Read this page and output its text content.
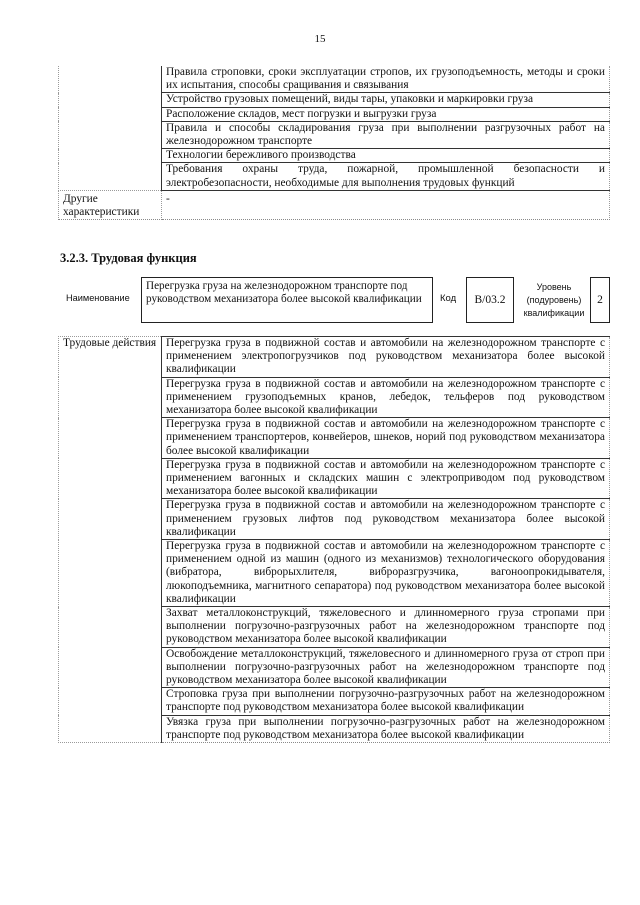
15
	Правила строповки, сроки эксплуатации стропов, их грузоподъемность, методы и сроки их испытания, способы сращивания и связывания
	Устройство грузовых помещений, виды тары, упаковки и маркировки груза
	Расположение складов, мест погрузки и выгрузки груза
	Правила и способы складирования груза при выполнении разгрузочных работ на железнодорожном транспорте
	Технологии бережливого производства
	Требования охраны труда, пожарной, промышленной безопасности и электробезопасности, необходимые для выполнения трудовых функций
Другие характеристики	-
3.2.3. Трудовая функция
Наименование
Перегрузка груза на железнодорожном транспорте под руководством механизатора более высокой квалификации	Код	B/03.2
Уровень (подуровень) квалификации
2
Трудовые действия	Перегрузка груза в подвижной состав и автомобили на железнодорожном транспорте с применением электропогрузчиков под руководством механизатора более высокой квалификации
Перегрузка груза в подвижной состав и автомобили на железнодорожном транспорте с применением грузоподъемных кранов, лебедок, тельферов под руководством механизатора более высокой квалификации
Перегрузка груза в подвижной состав и автомобили на железнодорожном транспорте с применением транспортеров, конвейеров, шнеков, норий под руководством механизатора более высокой квалификации
Перегрузка груза в подвижной состав и автомобили на железнодорожном транспорте с применением вагонных и складских машин с электроприводом под руководством механизатора более высокой квалификации
Перегрузка груза в подвижной состав и автомобили на железнодорожном транспорте с применением грузовых лифтов под руководством механизатора более высокой квалификации
Перегрузка груза в подвижной состав и автомобили на железнодорожном транспорте с применением одной из машин (одного из механизмов) технологического оборудования (вибратора, виброрыхлителя, виброразгрузчика, вагоноопрокидывателя, люкоподъемника, магнитного сепаратора) под руководством механизатора более высокой квалификации
Захват металлоконструкций, тяжеловесного и длинномерного груза стропами при выполнении погрузочно-разгрузочных работ на железнодорожном транспорте под руководством механизатора более высокой квалификации
Освобождение металлоконструкций, тяжеловесного и длинномерного груза от строп при выполнении погрузочно-разгрузочных работ на железнодорожном транспорте под руководством механизатора более высокой квалификации
Строповка груза при выполнении погрузочно-разгрузочных работ на железнодорожном транспорте под руководством механизатора более высокой квалификации
Увязка груза при выполнении погрузочно-разгрузочных работ на железнодорожном транспорте под руководством механизатора более высокой квалификации
